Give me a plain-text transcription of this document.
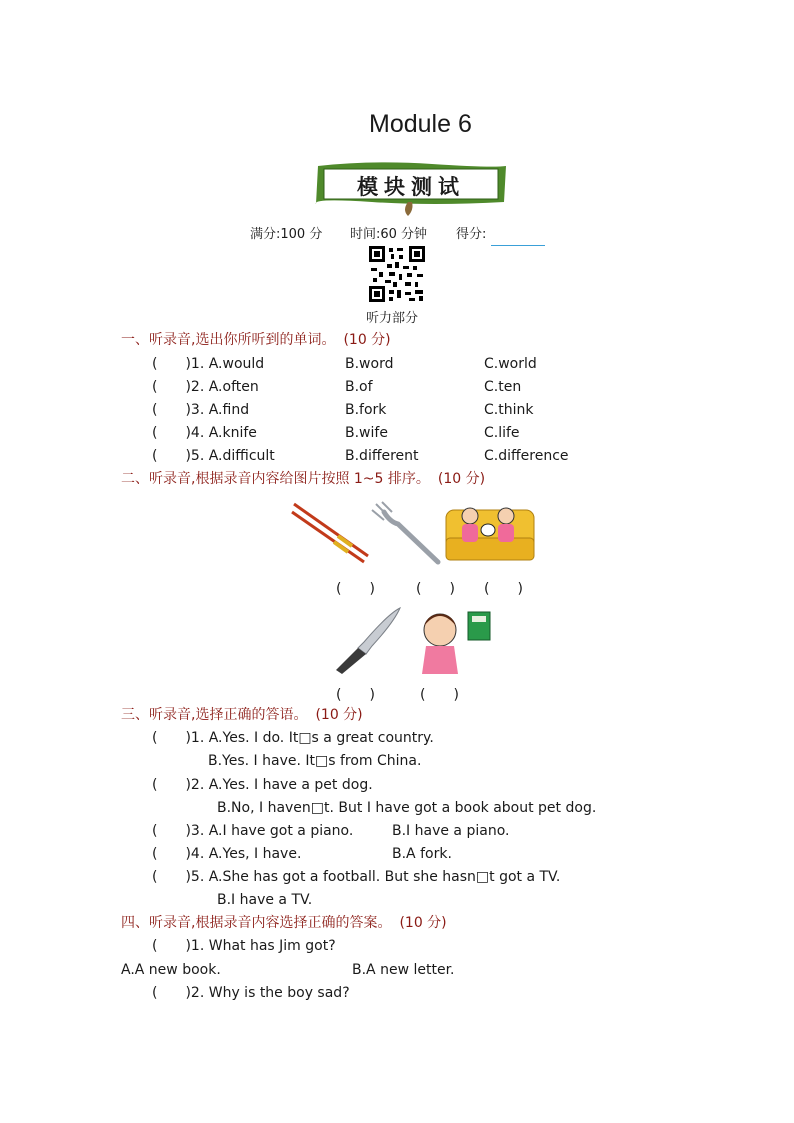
Module 6
模块测试
满分:100 分 时间:60 分钟 得分:
听力部分
一、听录音,选出你所听到的单词。 (10 分)
(　　)1. A.would	B.word	C.world
(　　)2. A.often	B.of	C.ten
(　　)3. A.find	B.fork	C.think
(　　)4. A.knife	B.wife	C.life
(　　)5. A.difficult	B.different	C.difference
二、听录音,根据录音内容给图片按照 1~5 排序。 (10 分)
(　　)	(　　) (　　)
(　　)	(　　)
三、听录音,选择正确的答语。 (10 分)
(　　)1. A.Yes. I do. It□s a great country.
B.Yes. I have. It□s from China.
(　　)2. A.Yes. I have a pet dog.
B.No, I haven□t. But I have got a book about pet dog.
(　　)3. A.I have got a piano.	B.I have a piano.
(　　)4. A.Yes, I have.	B.A fork.
(　　)5. A.She has got a football. But she hasn□t got a TV.
B.I have a TV.
四、听录音,根据录音内容选择正确的答案。 (10 分)
(　　)1. What has Jim got?
A.A new book.	B.A new letter.
(　　)2. Why is the boy sad?
